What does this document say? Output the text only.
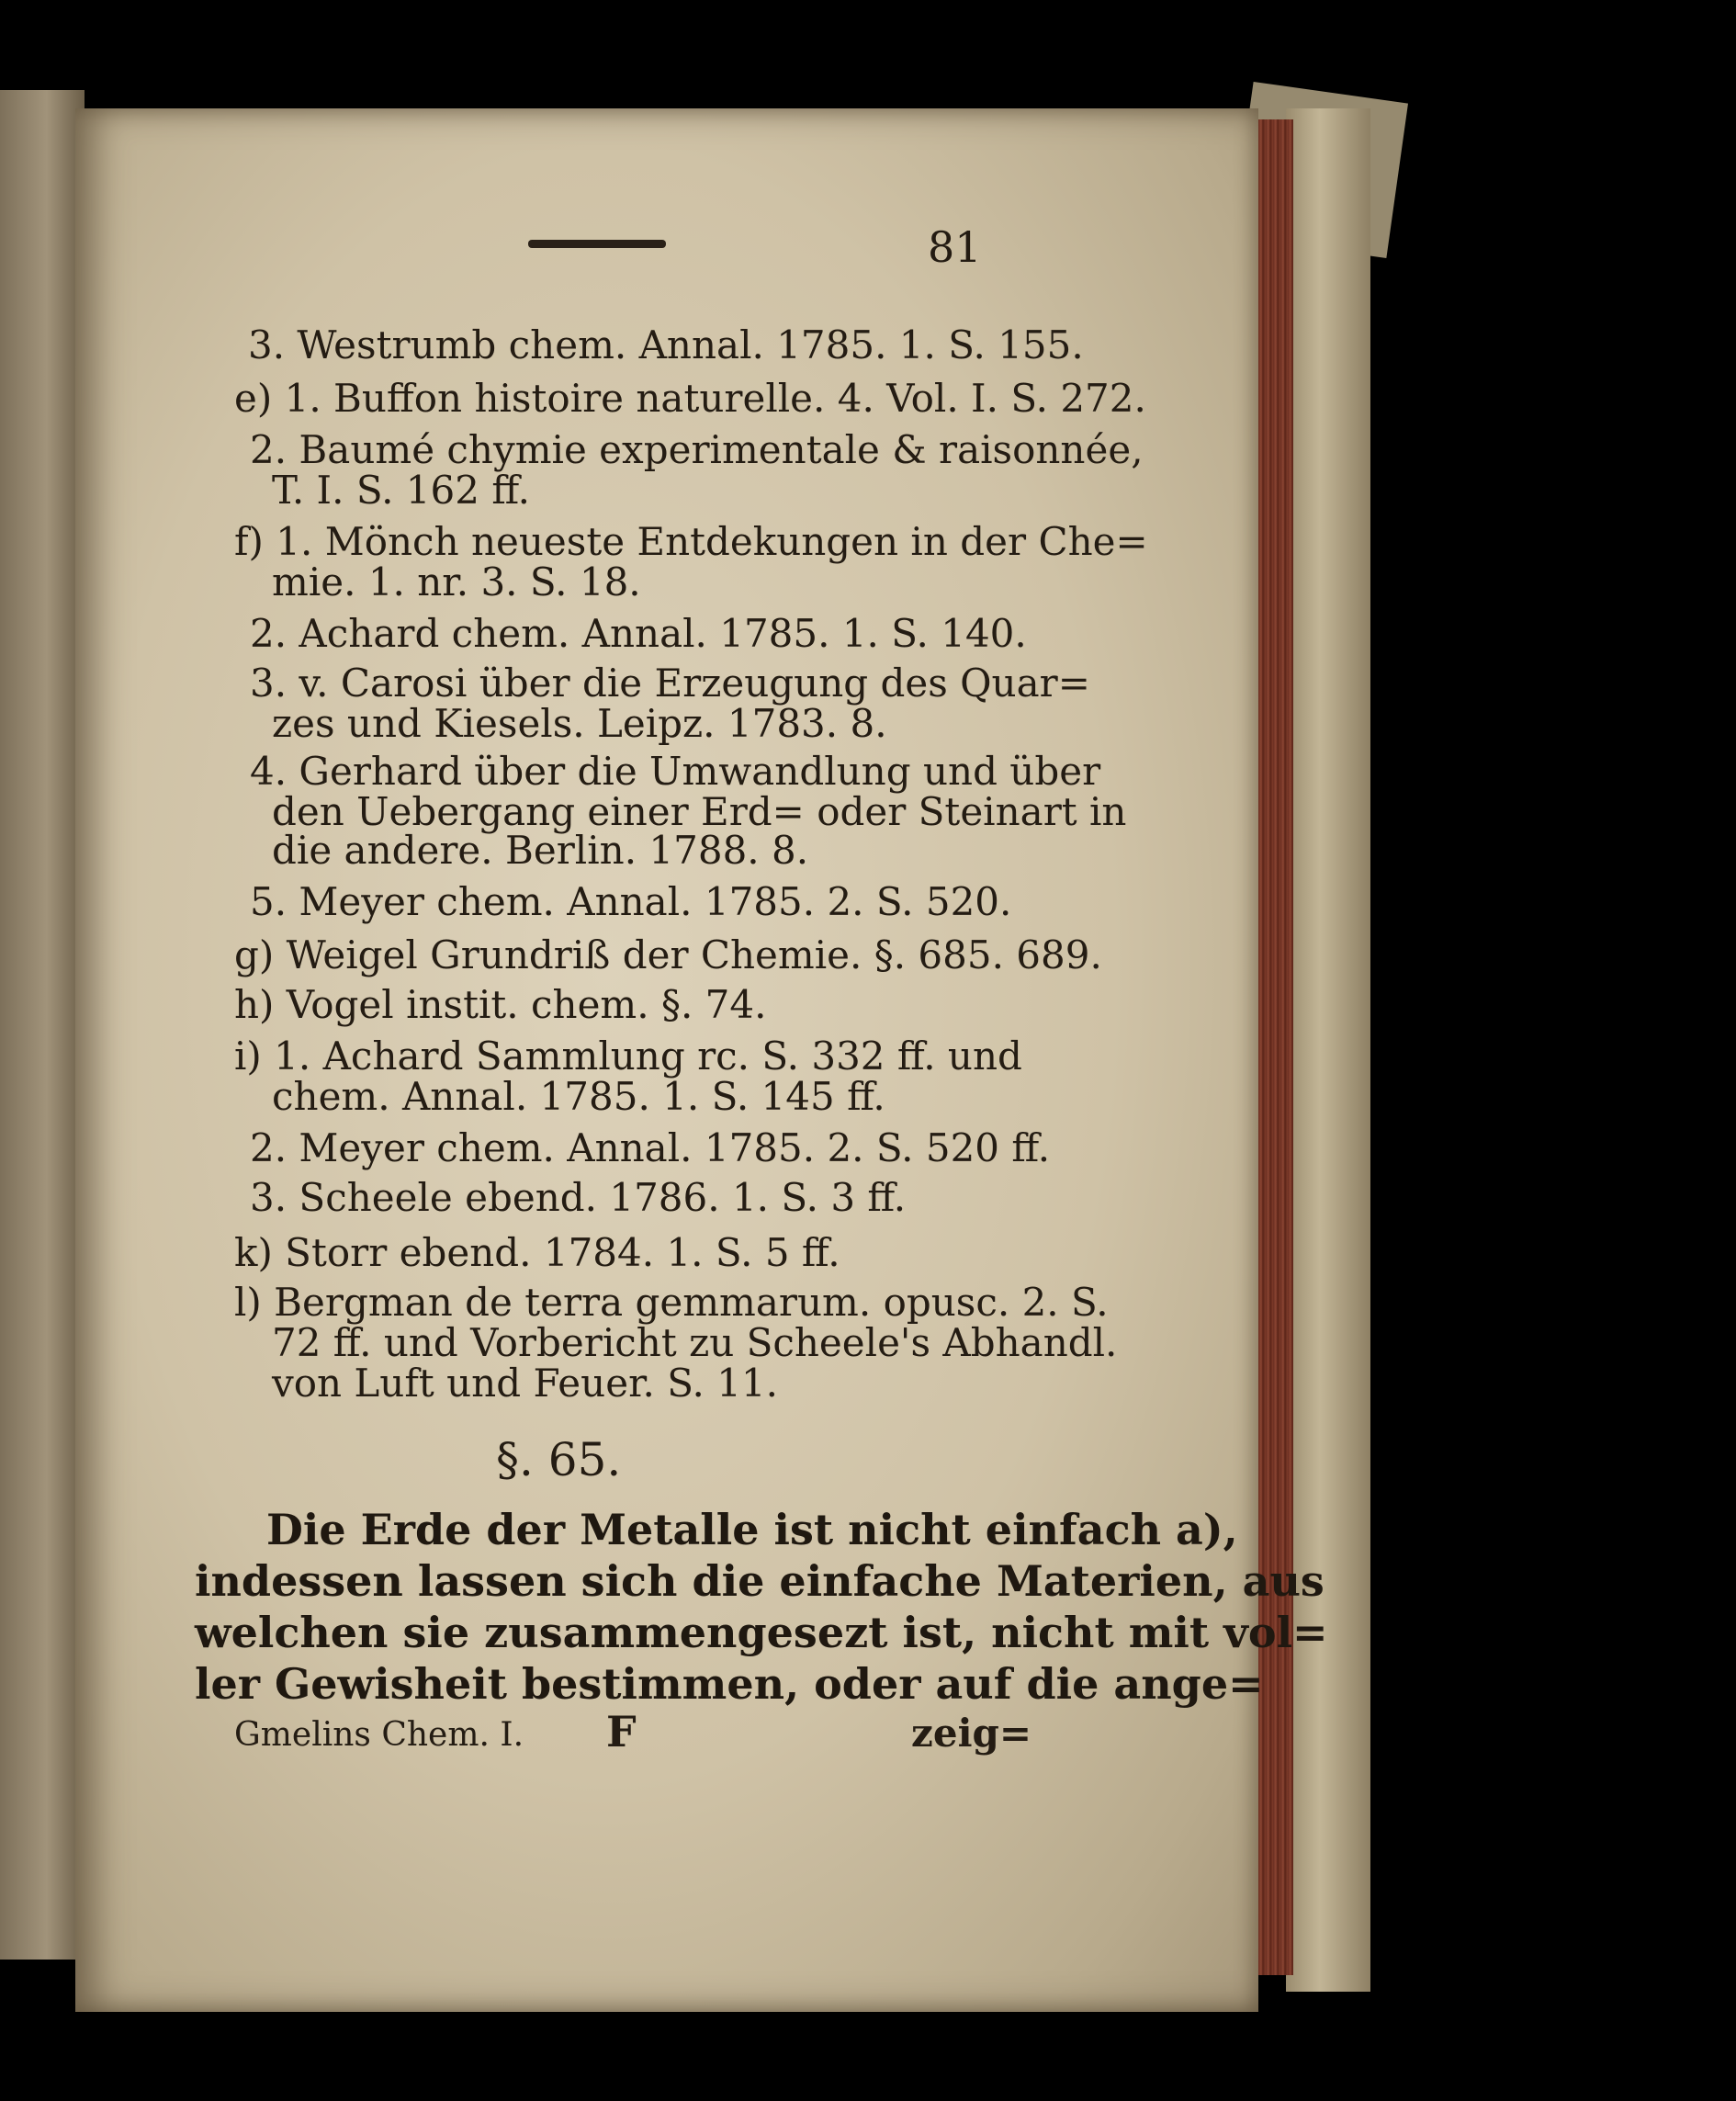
81
3. Westrumb chem. Annal. 1785. 1. S. 155.
e) 1. Buffon histoire naturelle. 4. Vol. I. S. 272.
2. Baumé chymie experimentale & raisonnée,
T. I. S. 162 ff.
f) 1. Mönch neueste Entdekungen in der Che=
mie. 1. nr. 3. S. 18.
2. Achard chem. Annal. 1785. 1. S. 140.
3. v. Carosi über die Erzeugung des Quar=
zes und Kiesels. Leipz. 1783. 8.
4. Gerhard über die Umwandlung und über
den Uebergang einer Erd= oder Steinart in
die andere. Berlin. 1788. 8.
5. Meyer chem. Annal. 1785. 2. S. 520.
g) Weigel Grundriß der Chemie. §. 685. 689.
h) Vogel instit. chem. §. 74.
i) 1. Achard Sammlung rc. S. 332 ff. und
chem. Annal. 1785. 1. S. 145 ff.
2. Meyer chem. Annal. 1785. 2. S. 520 ff.
3. Scheele ebend. 1786. 1. S. 3 ff.
k) Storr ebend. 1784. 1. S. 5 ff.
l) Bergman de terra gemmarum. opusc. 2. S.
72 ff. und Vorbericht zu Scheele's Abhandl.
von Luft und Feuer. S. 11.
§. 65.
Die Erde der Metalle ist nicht einfach a),
indessen lassen sich die einfache Materien, aus
welchen sie zusammengesezt ist, nicht mit vol=
ler Gewisheit bestimmen, oder auf die ange=
Gmelins Chem. I. F	zeig=
